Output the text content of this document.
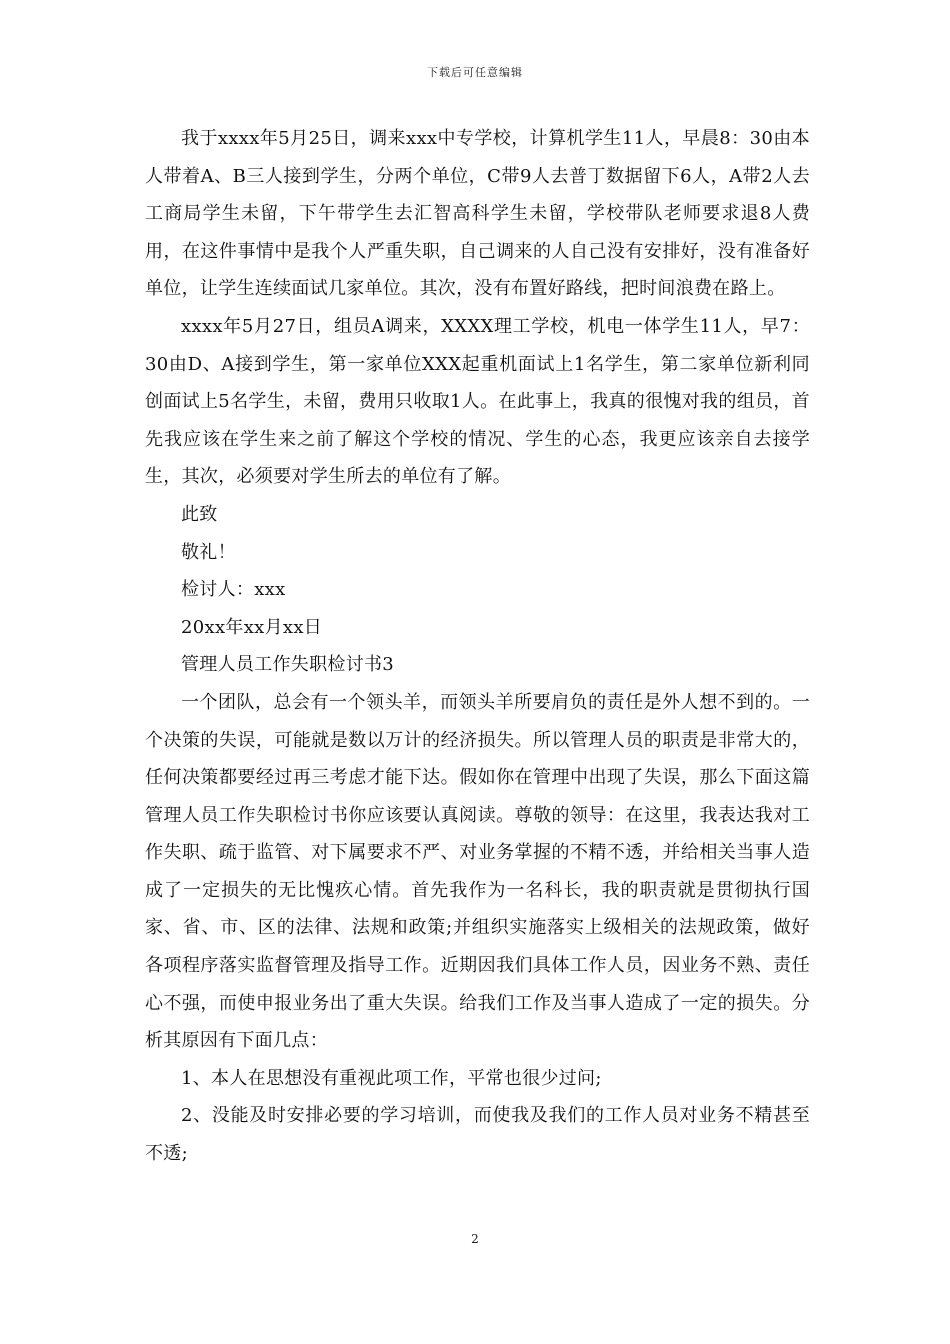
下载后可任意编辑

我于xxxx年5月25日，调来xxx中专学校，计算机学生11人，早晨8：30由本人带着A、B三人接到学生，分两个单位，C带9人去普丁数据留下6人，A带2人去工商局学生未留，下午带学生去汇智高科学生未留，学校带队老师要求退8人费用，在这件事情中是我个人严重失职，自己调来的人自己没有安排好，没有准备好单位，让学生连续面试几家单位。其次，没有布置好路线，把时间浪费在路上。

xxxx年5月27日，组员A调来，XXXX理工学校，机电一体学生11人，早7：30由D、A接到学生，第一家单位XXX起重机面试上1名学生，第二家单位新利同创面试上5名学生，未留，费用只收取1人。在此事上，我真的很愧对我的组员，首先我应该在学生来之前了解这个学校的情况、学生的心态，我更应该亲自去接学生，其次，必须要对学生所去的单位有了解。

此致

敬礼！

检讨人：xxx

20xx年xx月xx日

管理人员工作失职检讨书3

一个团队，总会有一个领头羊，而领头羊所要肩负的责任是外人想不到的。一个决策的失误，可能就是数以万计的经济损失。所以管理人员的职责是非常大的，任何决策都要经过再三考虑才能下达。假如你在管理中出现了失误，那么下面这篇管理人员工作失职检讨书你应该要认真阅读。尊敬的领导：在这里，我表达我对工作失职、疏于监管、对下属要求不严、对业务掌握的不精不透，并给相关当事人造成了一定损失的无比愧疚心情。首先我作为一名科长，我的职责就是贯彻执行国家、省、市、区的法律、法规和政策;并组织实施落实上级相关的法规政策，做好各项程序落实监督管理及指导工作。近期因我们具体工作人员，因业务不熟、责任心不强，而使申报业务出了重大失误。给我们工作及当事人造成了一定的损失。分析其原因有下面几点：

1、本人在思想没有重视此项工作，平常也很少过问;

2、没能及时安排必要的学习培训，而使我及我们的工作人员对业务不精甚至不透;

2
